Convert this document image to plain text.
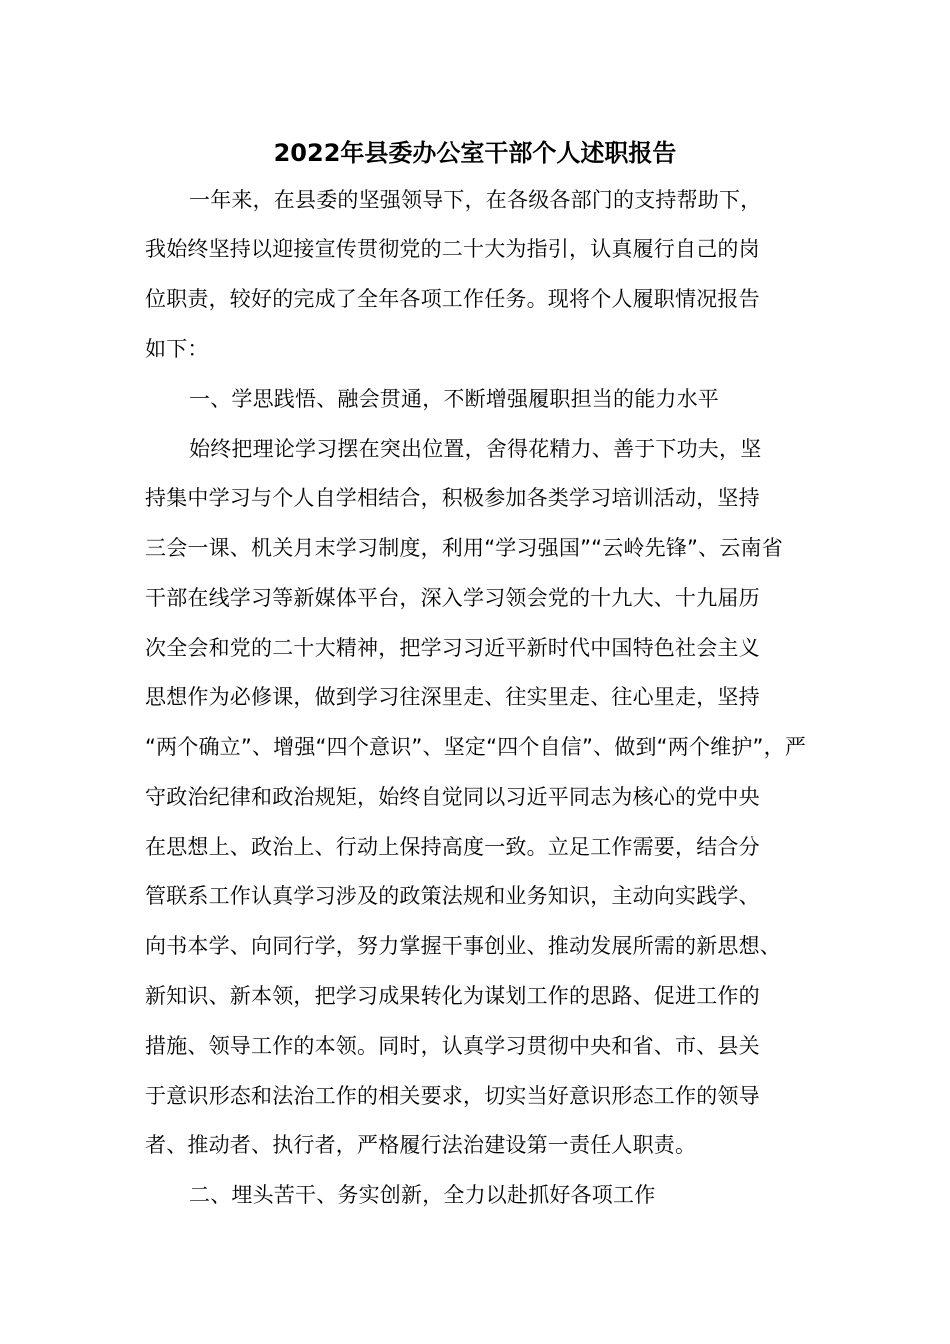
2022年县委办公室干部个人述职报告
一年来，在县委的坚强领导下，在各级各部门的支持帮助下，
我始终坚持以迎接宣传贯彻党的二十大为指引，认真履行自己的岗
位职责，较好的完成了全年各项工作任务。现将个人履职情况报告
如下：
一、学思践悟、融会贯通，不断增强履职担当的能力水平
始终把理论学习摆在突出位置，舍得花精力、善于下功夫，坚
持集中学习与个人自学相结合，积极参加各类学习培训活动，坚持
三会一课、机关月末学习制度，利用“学习强国”“云岭先锋”、云南省
干部在线学习等新媒体平台，深入学习领会党的十九大、十九届历
次全会和党的二十大精神，把学习习近平新时代中国特色社会主义
思想作为必修课，做到学习往深里走、往实里走、往心里走，坚持
“两个确立”、增强“四个意识”、坚定“四个自信”、做到“两个维护”，严
守政治纪律和政治规矩，始终自觉同以习近平同志为核心的党中央
在思想上、政治上、行动上保持高度一致。立足工作需要，结合分
管联系工作认真学习涉及的政策法规和业务知识，主动向实践学、
向书本学、向同行学，努力掌握干事创业、推动发展所需的新思想、
新知识、新本领，把学习成果转化为谋划工作的思路、促进工作的
措施、领导工作的本领。同时，认真学习贯彻中央和省、市、县关
于意识形态和法治工作的相关要求，切实当好意识形态工作的领导
者、推动者、执行者，严格履行法治建设第一责任人职责。
二、埋头苦干、务实创新，全力以赴抓好各项工作
